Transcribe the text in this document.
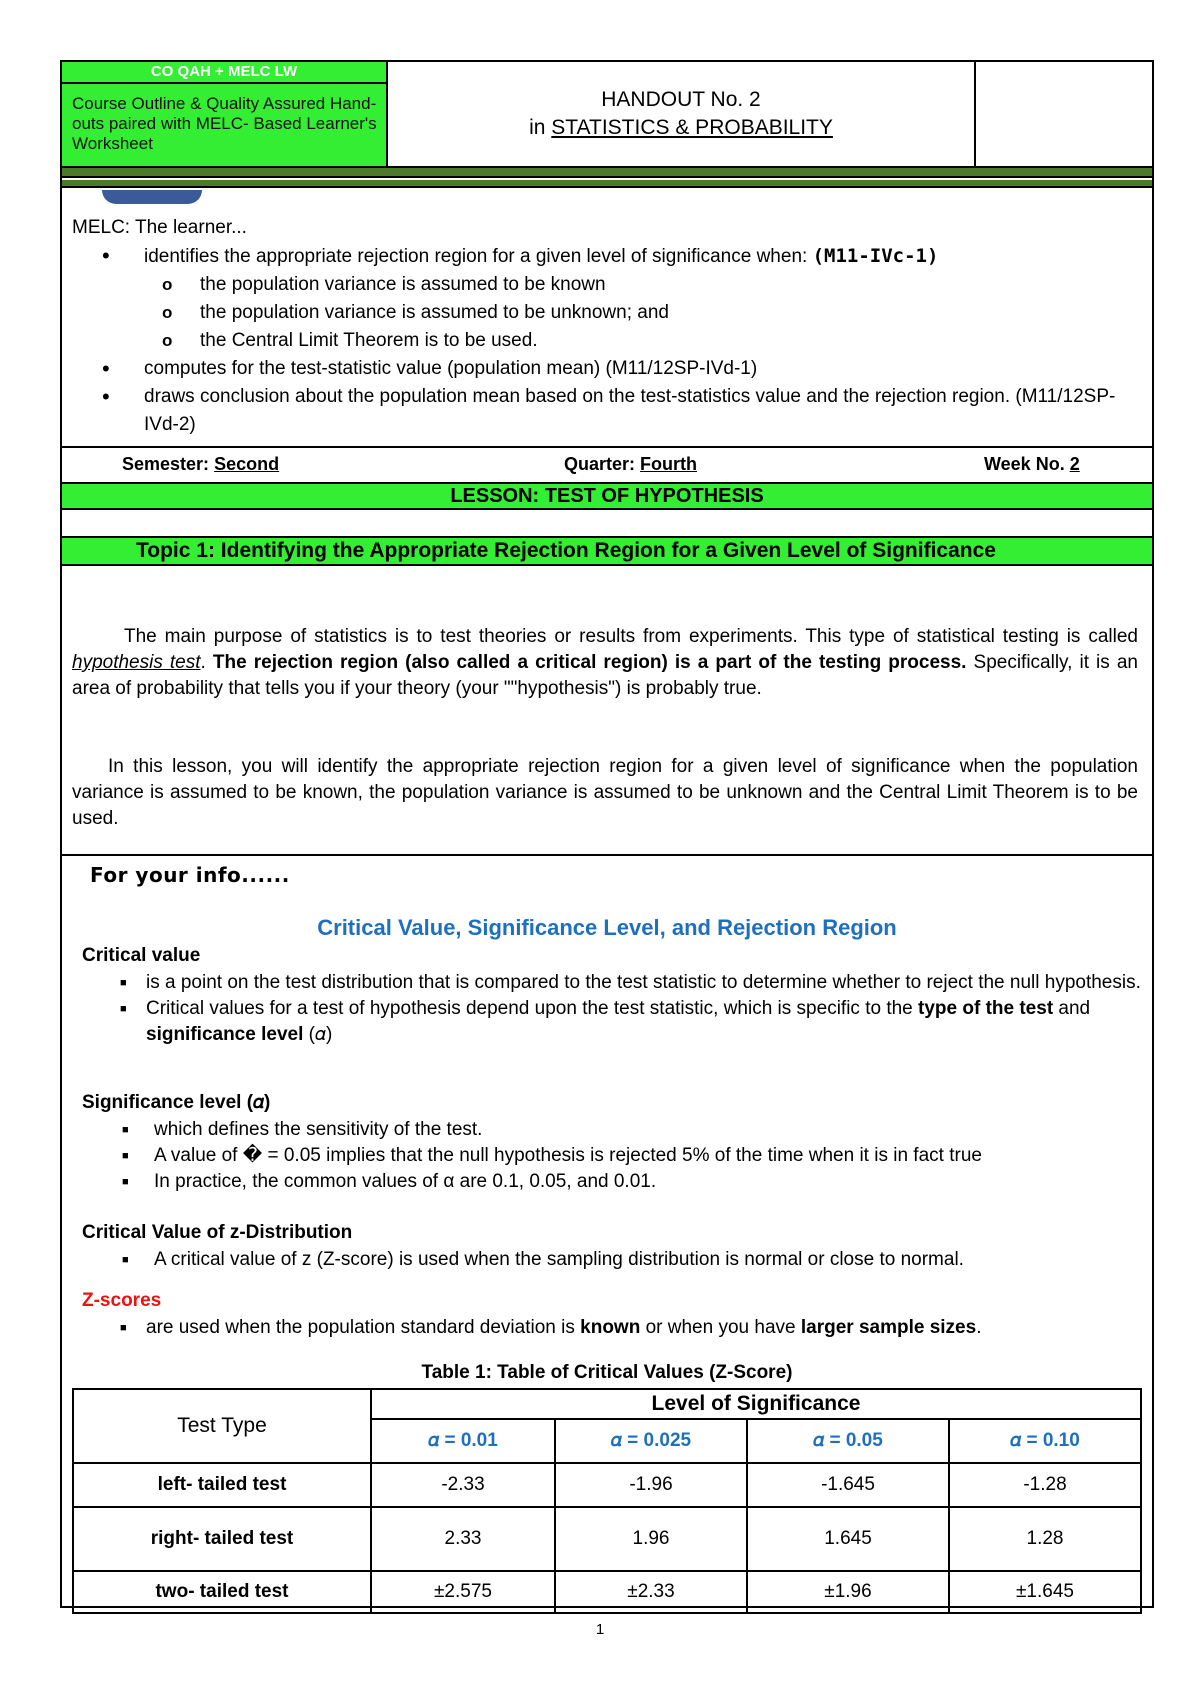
CO QAH + MELC LW
Course Outline & Quality Assured Hand-outs paired with MELC- Based Learner's Worksheet
HANDOUT No. 2
in STATISTICS & PROBABILITY

MELC: The learner...
• identifies the appropriate rejection region for a given level of significance when: (M11-IVc-1)
o the population variance is assumed to be known
o the population variance is assumed to be unknown; and
o the Central Limit Theorem is to be used.
• computes for the test-statistic value (population mean) (M11/12SP-IVd-1)
• draws conclusion about the population mean based on the test-statistics value and the rejection region. (M11/12SP-IVd-2)
Semester: Second	Quarter: Fourth	Week No. 2
LESSON: TEST OF HYPOTHESIS
Topic 1: Identifying the Appropriate Rejection Region for a Given Level of Significance
The main purpose of statistics is to test theories or results from experiments. This type of statistical testing is called hypothesis test. The rejection region (also called a critical region) is a part of the testing process. Specifically, it is an area of probability that tells you if your theory (your ""hypothesis") is probably true.
In this lesson, you will identify the appropriate rejection region for a given level of significance when the population variance is assumed to be known, the population variance is assumed to be unknown and the Central Limit Theorem is to be used.
For your info......
Critical Value, Significance Level, and Rejection Region
Critical value
■ is a point on the test distribution that is compared to the test statistic to determine whether to reject the null hypothesis.
■ Critical values for a test of hypothesis depend upon the test statistic, which is specific to the type of the test and significance level (𝛼)
Significance level (𝛼)
■ which defines the sensitivity of the test.
■ A value of � = 0.05 implies that the null hypothesis is rejected 5% of the time when it is in fact true
■ In practice, the common values of α are 0.1, 0.05, and 0.01.
Critical Value of z-Distribution
■ A critical value of z (Z-score) is used when the sampling distribution is normal or close to normal.
Z-scores
■ are used when the population standard deviation is known or when you have larger sample sizes.
Table 1: Table of Critical Values (Z-Score)
Test Type	Level of Significance			
	𝛼 = 0.01	𝛼 = 0.025	𝛼 = 0.05	𝛼 = 0.10
left- tailed test	-2.33	-1.96	-1.645	-1.28
right- tailed test	2.33	1.96	1.645	1.28
two- tailed test	±2.575	±2.33	±1.96	±1.645
1
